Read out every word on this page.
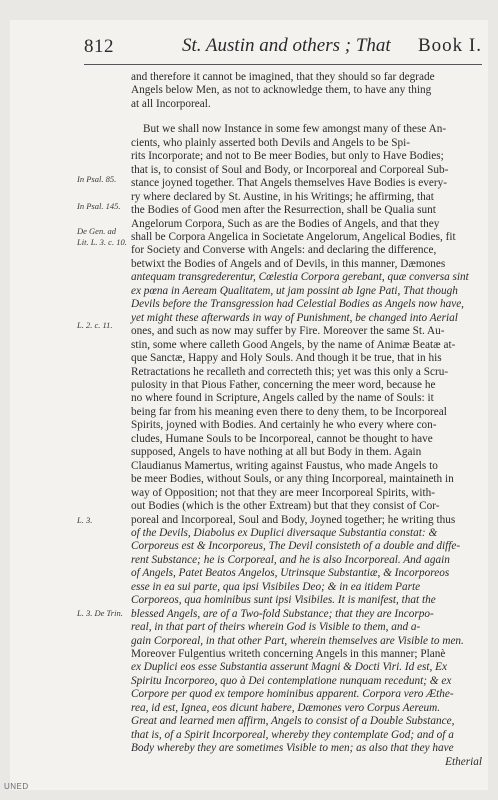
812	St. Austin and others ; That Book I.
In Psal. 85.
In Psal. 145.
De Gen. ad
Lit. L. 3. c. 10.
L. 2. c. 11.
L. 3.
L. 3. De Trin.

and therefore it cannot be imagined, that they should so far degrade
Angels below Men, as not to acknowledge them, to have any thing
at all Incorporeal.

But we shall now Instance in some few amongst many of these An-
cients, who plainly asserted both Devils and Angels to be Spi-
rits Incorporate; and not to Be meer Bodies, but only to Have Bodies;
that is, to consist of Soul and Body, or Incorporeal and Corporeal Sub-
stance joyned together. That Angels themselves Have Bodies is every-
ry where declared by St. Austine, in his Writings; he affirming, that
the Bodies of Good men after the Resurrection, shall be Qualia sunt
Angelorum Corpora, Such as are the Bodies of Angels, and that they
shall be Corpora Angelica in Societate Angelorum, Angelical Bodies, fit
for Society and Converse with Angels: and declaring the difference,
betwixt the Bodies of Angels and of Devils, in this manner, Dæmones
antequam transgrederentur, Cœlestia Corpora gerebant, quæ conversa sint
ex pœna in Aeream Qualitatem, ut jam possint ab Igne Pati, That though
Devils before the Transgression had Celestial Bodies as Angels now have,
yet might these afterwards in way of Punishment, be changed into Aerial
ones, and such as now may suffer by Fire. Moreover the same St. Au-
stin, some where calleth Good Angels, by the name of Animæ Beatæ at-
que Sanctæ, Happy and Holy Souls. And though it be true, that in his
Retractations he recalleth and correcteth this; yet was this only a Scru-
pulosity in that Pious Father, concerning the meer word, because he
no where found in Scripture, Angels called by the name of Souls: it
being far from his meaning even there to deny them, to be Incorporeal
Spirits, joyned with Bodies. And certainly he who every where con-
cludes, Humane Souls to be Incorporeal, cannot be thought to have
supposed, Angels to have nothing at all but Body in them. Again
Claudianus Mamertus, writing against Faustus, who made Angels to
be meer Bodies, without Souls, or any thing Incorporeal, maintaineth in
way of Opposition; not that they are meer Incorporeal Spirits, with-
out Bodies (which is the other Extream) but that they consist of Cor-
poreal and Incorporeal, Soul and Body, Joyned together; he writing thus
of the Devils, Diabolus ex Duplici diversaque Substantia constat: &
Corporeus est & Incorporeus, The Devil consisteth of a double and diffe-
rent Substance; he is Corporeal, and he is also Incorporeal. And again
of Angels, Patet Beatos Angelos, Utrinsque Substantiæ, & Incorporeos
esse in ea sui parte, qua ipsi Visibiles Deo; & in ea itidem Parte
Corporeos, qua hominibus sunt ipsi Visibiles. It is manifest, that the
blessed Angels, are of a Two-fold Substance; that they are Incorpo-
real, in that part of theirs wherein God is Visible to them, and a-
gain Corporeal, in that other Part, wherein themselves are Visible to men.
Moreover Fulgentius writeth concerning Angels in this manner; Planè
ex Duplici eos esse Substantia asserunt Magni & Docti Viri. Id est, Ex
Spiritu Incorporeo, quo à Dei contemplatione nunquam recedunt; & ex
Corpore per quod ex tempore hominibus apparent. Corpora vero Æthe-
rea, id est, Ignea, eos dicunt habere, Dæmones vero Corpus Aereum.
Great and learned men affirm, Angels to consist of a Double Substance,
that is, of a Spirit Incorporeal, whereby they contemplate God; and of a
Body whereby they are sometimes Visible to men; as also that they have
Etherial

UNED
